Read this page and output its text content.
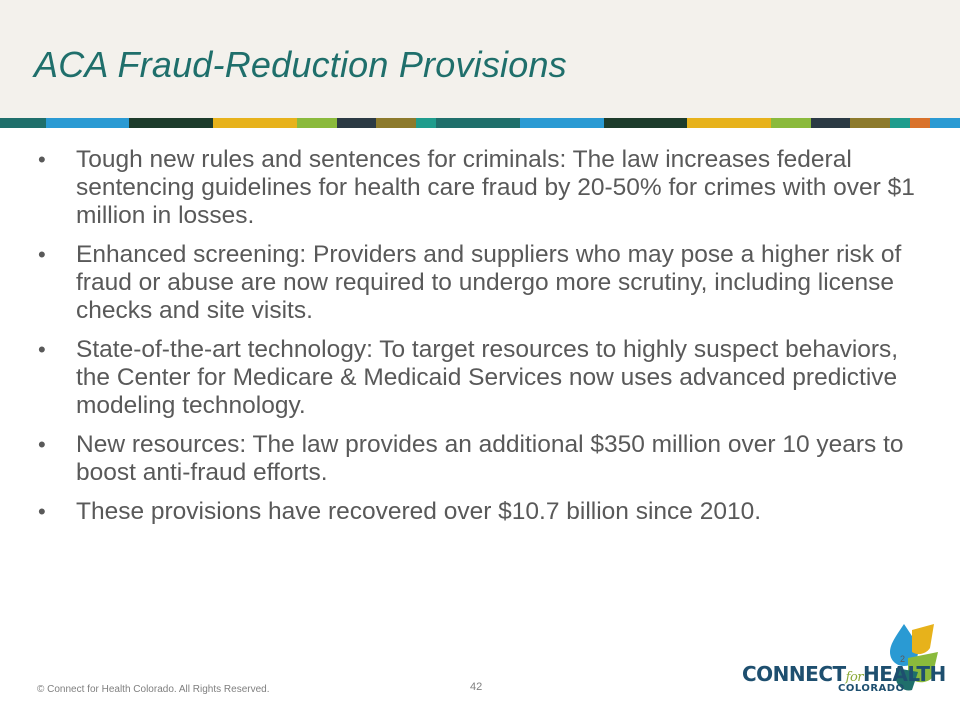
ACA Fraud-Reduction Provisions
• Tough new rules and sentences for criminals: The law increases federal sentencing guidelines for health care fraud by 20-50% for crimes with over $1 million in losses.
• Enhanced screening: Providers and suppliers who may pose a higher risk of fraud or abuse are now required to undergo more scrutiny, including license checks and site visits.
• State-of-the-art technology: To target resources to highly suspect behaviors, the Center for Medicare & Medicaid Services now uses advanced predictive modeling technology.
• New resources: The law provides an additional $350 million over 10 years to boost anti-fraud efforts.
• These provisions have recovered over $10.7 billion since 2010.
© Connect for Health Colorado. All Rights Reserved.	42
2
CONNECTforHEALTH
COLORADO
